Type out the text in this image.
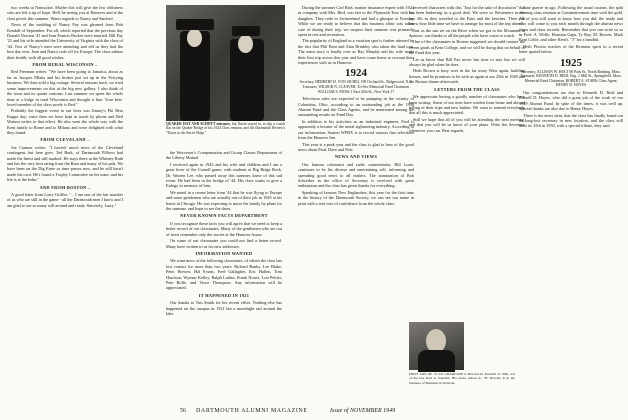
two weeks at Nantucket. Maybe this will give the few oldtimers who are left a tip of hope. He'll be seeing you at Hanover and at the class picnic this summer. Warm regards to Nancy and Sanford.

News of the wedding of Nancy Fay was gleaned from Bob Kendall of September. For all, which reported that the previous day Donald Newton '41 and Jean Francis Becker were married. Bill Fay '21 and his wife attended the University of Virginia with the class of '44. Two of Nancy's men were attending and tell us they had the best day ever. Jean and Nancy rode off for Europe. The class salutes their health, with all good wishes.

FROM RURAL WISCONSIN –

Red Freeman writes: "We have been going to Jamaica, about as far as Jacques Mlatts and his broker just set up in the Ferrying business. We then sold a big cottage. Several seasons back, we tried some improvements on this at the big new gallery. I also think of the town and its quaint customs. Last summer we spent the whole time at a lodge in rural Wisconsin and thought it fine. Your best-loved member of the class surely is Red."

Probably the biggest event in our lives was Jimmy's Phi Beta Kappa day; since then we have kept in touch by phone and Red Watson writes to that effect. He also went the whole way with the Kent family to Rome and to Milano and were delighted with what they found.

FROM CLEVELAND –

Joe Cannon writes: "I haven't much news of the Cleveland contingent, but here goes. Ted Bark, of Dartmouth Pillows had made the finest and still marked. He stays there at the Whitney Ruth and has the very best rating from the Ram and many of his pals. We have been on the Dig Ernie as time passes now, and he still hasn't made his own. He's found a Trophy Committee on his team, and his life is at the helm."

AND FROM BOSTON –

A good letter from Larry Griffin: "... I am one of the fair number of us who are still in the game - all the Dartmouth men I know and I am glad to see so many still around and ready. Sincerely, Larry."

QUAKER HAT AND SCHOTT entrance, but David stayed in, to slip a crutch flat on the Quaker Bridge of his 1924 Class reunion, and the Dartmouth Review's "Down in the Sea in Ships."

the Worcester's Compensation and Group Claims Department of the Liberty Mutual.

I received again in 1943 and his wife and children and I am a great lover of the Cornell game, with students at Big Ridge Rock. Dr. Warren Lee, who passed away this summer, knew of this sad event. He had been in the bridge of '44. His class wants to give a Eulogy in memory of him.

We noted in a recent letter from '44 that he was flying to Europe and some gentlemen who are actually out of their job in 1945 at his home in Chicago. He was expecting to move his family by plane for the summer, and hope to see the dates.

NEVER KNOWN FACTS DEPARTMENT

If you recognize these facts you will agree that we need to keep a better record of our classmates. Many of the gentlemen who are out of town remember only the stories at the Hanover house.

On some of our classmates you could not find a better record. Many have written to us for new addresses.

INFORMATION WANTED

We want news of the following classmates, of whom the class has lost contact for more than two years: Richard Banks, Lee Blake, Peter Brewer, Hal Evans, Fred Gallagher, Eric Hallen, Tom Harrison, Wyman Kelley, Ralph Larkin, Frank Norris, Lon Peltier, Pete Rolfe, and Vince Thompson. Any information will be appreciated.

IT HAPPENED IN 1921

Our thanks to Tim Smith for his recent effort. Nothing else has happened on the campus in 1921 but a moonlight sail around the lake.

During the summer Carl Bird, marine insurance expert with 1924 in company with Mrs. Bird, was fair to the Plymouth Tour with his daughter. They rode to Switzerland and had a glimpse at Norway. While we are ready to believe that this business affair was taken care of during their trip, we suspect their summer was primarily spent in rest and recreation.

The popularity of England as a vacation spot is further attested by the fact that Phil Bent and Alan Brinkley also taken the land tour. The main story is hardly over as Ray Murphy and his wife made their first trip across this year and have come home to recount their experiences with us in Hanover.

1924
Secretary, HERBERT H. VON SICHEL 198 Orchard St., Ridgewood, N. J. Treasurer, WILBUR N. CLEAVER, Tri-Sec Memorial Fund Chairman, WILLIAM S. MOSS 1 East 45th St., New York 17

Television sales are expected to be pumping in the vicinity of Columbus, Ohio, according to an outstanding job at the 1949 Alumni Fund and the Class Agents, and be mentioned among the outstanding results on Fund Day.

In addition to his activities as an industrial engineer, Fred is apparently a booster of the aerial sightseeing industry. According to our information, Station WFRX is to record various fine selections from the Hanover Inn.

This year is a peak year and the class is glad to hear of the good news about Paul, Dave and Pete.

NEWS AND VIEWS

Our famous columnist and radio commentator, Bill Lurie, continues to be his diverse and entertaining self, informing and spreading good news to all readers. The nomination of Bob Schreiber in the office of Secretary is received with great enthusiasm and the class has given thanks for everything.

Speaking of famous New Englanders, this year for the first time in the history of the Dartmouth Society, we can see our name in print with a real vote of confidence from the whole class.

received characters with this "Just for the sake of discussion" that has been bothering us a good deal. We were so Westerners in the late 30s as they traveled to the Fairs and the beaches. Then you know how little time we have to arrange for most of the trip ahead.

Just as the sun set on the River when we got to the Mountain in Spencer, our thanks to all the people who have come to watch.

One of the classmates in Boston suggested we should contact the recent grads at Kent College, and we will be doing that on behalf of the Fund this year.

Let us know that Bill Fay never has time to stay but we will always be glad when he does.

Herb Brown is busy over in the far away West again, building houses, and he promises to be with us again at our 25th in 1949 and the Boston dinner afterwards.

LETTERS FROM THE CLASS

We appreciate having a goodly number of classmates who have been writing. Some of our men have written from home and abroad telling of their trips and new babies. We want to remind everybody that all this is much appreciated.

Still we hope that all of you will be attending the next meeting, and that you will let us know of your plans. Write the Secretary whenever you can. Best regards.

FIRST SON OF '25 TO GRADUATE is Howard D. Kendall of 1949, son of the late Karl A. Kendall. His uncle, Albert A. "D" Rowely is in the business of Business in Vermont.

June guerre in ago. Following the usual custom, the split evening class reunion at Commencement time with the gold. All of you will want to know how you did, the ready and who will come to you each month through the alumni news items and class records. Remember that you can write us as in Fred. A. Wolfe, Houston Gaps, Ty Ray, M. Bowen, Mark Kent Coble, and other Kent's. "J" for a handful.

Herb Pivotto reaches of the Reunion spirit in a recent letter quoted below.

1925
Secretary, ALLISON W. HOLT 68 Park St., North Reading, Mass. Treasurer, KENNETH D. REID, Eng. 1 Mill St., Springfield, Mass. Memorial Fund Chairman, ROBERT A. STARK Class Agent, HENRY D. HAYES

Our congratulations are due to Kenneth D. Reid and Russell D. Hayes, who did a great job of the work of our 1949 Alumni Fund. In spite of the times, it was well up. Special thanks are also due to Henry Hayes.

There is the news item, that the class has finally found out its long-lost secretary in new location, and the class will have its 25th in 1950, with a special tribute, they said.

56 DARTMOUTH ALUMNI MAGAZINE	Issue of NOVEMBER 1949
